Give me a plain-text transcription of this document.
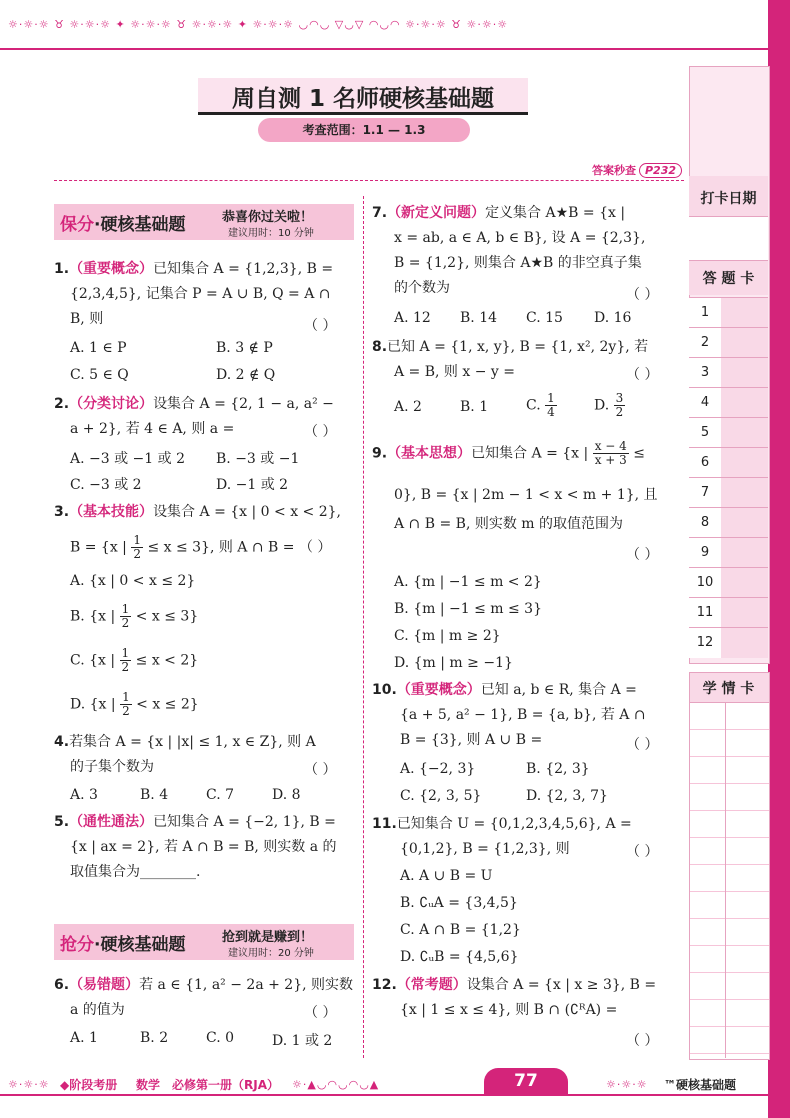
☼·☼·☼ ♉ ☼·☼·☼ ✦ ☼·☼·☼ ♉ ☼·☼·☼ ✦ ☼·☼·☼ ◡◠◡ ▽◡▽ ◠◡◠ ☼·☼·☼ ♉ ☼·☼·☼
周自测 1 名师硬核基础题
考查范围：1.1 — 1.3
答案秒查 P232
保分·硬核基础题	恭喜你过关啦！
建议用时：10 分钟
1.（重要概念）已知集合 A = {1,2,3}, B =
{2,3,4,5}, 记集合 P = A ∪ B, Q = A ∩
B, 则	（ ）
A. 1 ∈ P	B. 3 ∉ P
C. 5 ∈ Q	D. 2 ∉ Q
2.（分类讨论）设集合 A = {2, 1 − a, a² −
a + 2}, 若 4 ∈ A, 则 a =	（ ）
A. −3 或 −1 或 2 B. −3 或 −1
C. −3 或 2	D. −1 或 2
3.（基本技能）设集合 A = {x | 0 < x < 2},
B = {x | $\frac{1}{2} \le x \le 3$}, 则 A ∩ B = （ ）
A. {x | 0 < x ≤ 2}
B. {x | $\frac{1}{2} < x \le 3$}
C. {x | $\frac{1}{2} \le x < 2$}
D. {x | $\frac{1}{2} < x \le 2$}
4.若集合 A = {x | |x| ≤ 1, x ∈ Z}, 则 A
的子集个数为	（ ）
A. 3	B. 4	C. 7	D. 8
5.（通性通法）已知集合 A = {−2, 1}, B =
{x | ax = 2}, 若 A ∩ B = B, 则实数 a 的
取值集合为________.
抢分·硬核基础题	抢到就是赚到！
建议用时：20 分钟
6.（易错题）若 a ∈ {1, a² − 2a + 2}, 则实数
a 的值为	（ ）
A. 1	B. 2	C. 0	D. 1 或 2
7.（新定义问题）定义集合 A★B = {x |
x = ab, a ∈ A, b ∈ B}, 设 A = {2,3},
B = {1,2}, 则集合 A★B 的非空真子集
的个数为	（ ）
A. 12 B. 14 C. 15 D. 16
8.已知 A = {1, x, y}, B = {1, x², 2y}, 若
A = B, 则 x − y =	（ ）
A. 2	B. 1	C. $\frac{1}{4}$	D. $\frac{3}{2}$
9.（基本思想）已知集合 A = {x | $\frac{x - 4}{x + 3}$ ≤
0}, B = {x | 2m − 1 < x < m + 1}, 且
A ∩ B = B, 则实数 m 的取值范围为
（ ）
A. {m | −1 ≤ m < 2}
B. {m | −1 ≤ m ≤ 3}
C. {m | m ≥ 2}
D. {m | m ≥ −1}
10.（重要概念）已知 a, b ∈ R, 集合 A =
{a + 5, a² − 1}, B = {a, b}, 若 A ∩
B = {3}, 则 A ∪ B =	（ ）
A. {−2, 3}	B. {2, 3}
C. {2, 3, 5}	D. {2, 3, 7}
11.已知集合 U = {0,1,2,3,4,5,6}, A =
{0,1,2}, B = {1,2,3}, 则	（ ）
A. A ∪ B = U
B. ∁ᵤA = {3,4,5}
C. A ∩ B = {1,2}
D. ∁ᵤB = {4,5,6}
12.（常考题）设集合 A = {x | x ≥ 3}, B =
{x | 1 ≤ x ≤ 4}, 则 B ∩ (∁ᴿA) =
（ ）
打卡日期
答 题 卡
1
2
3
4
5
6
7
8
9
10
11
12
学 情 卡
77
☼·☼·☼ ◆阶段考册 数学 必修第一册（RJA） ☼·▲◡◠◡◠◡▲	☼·☼·☼ ™硬核基础题
